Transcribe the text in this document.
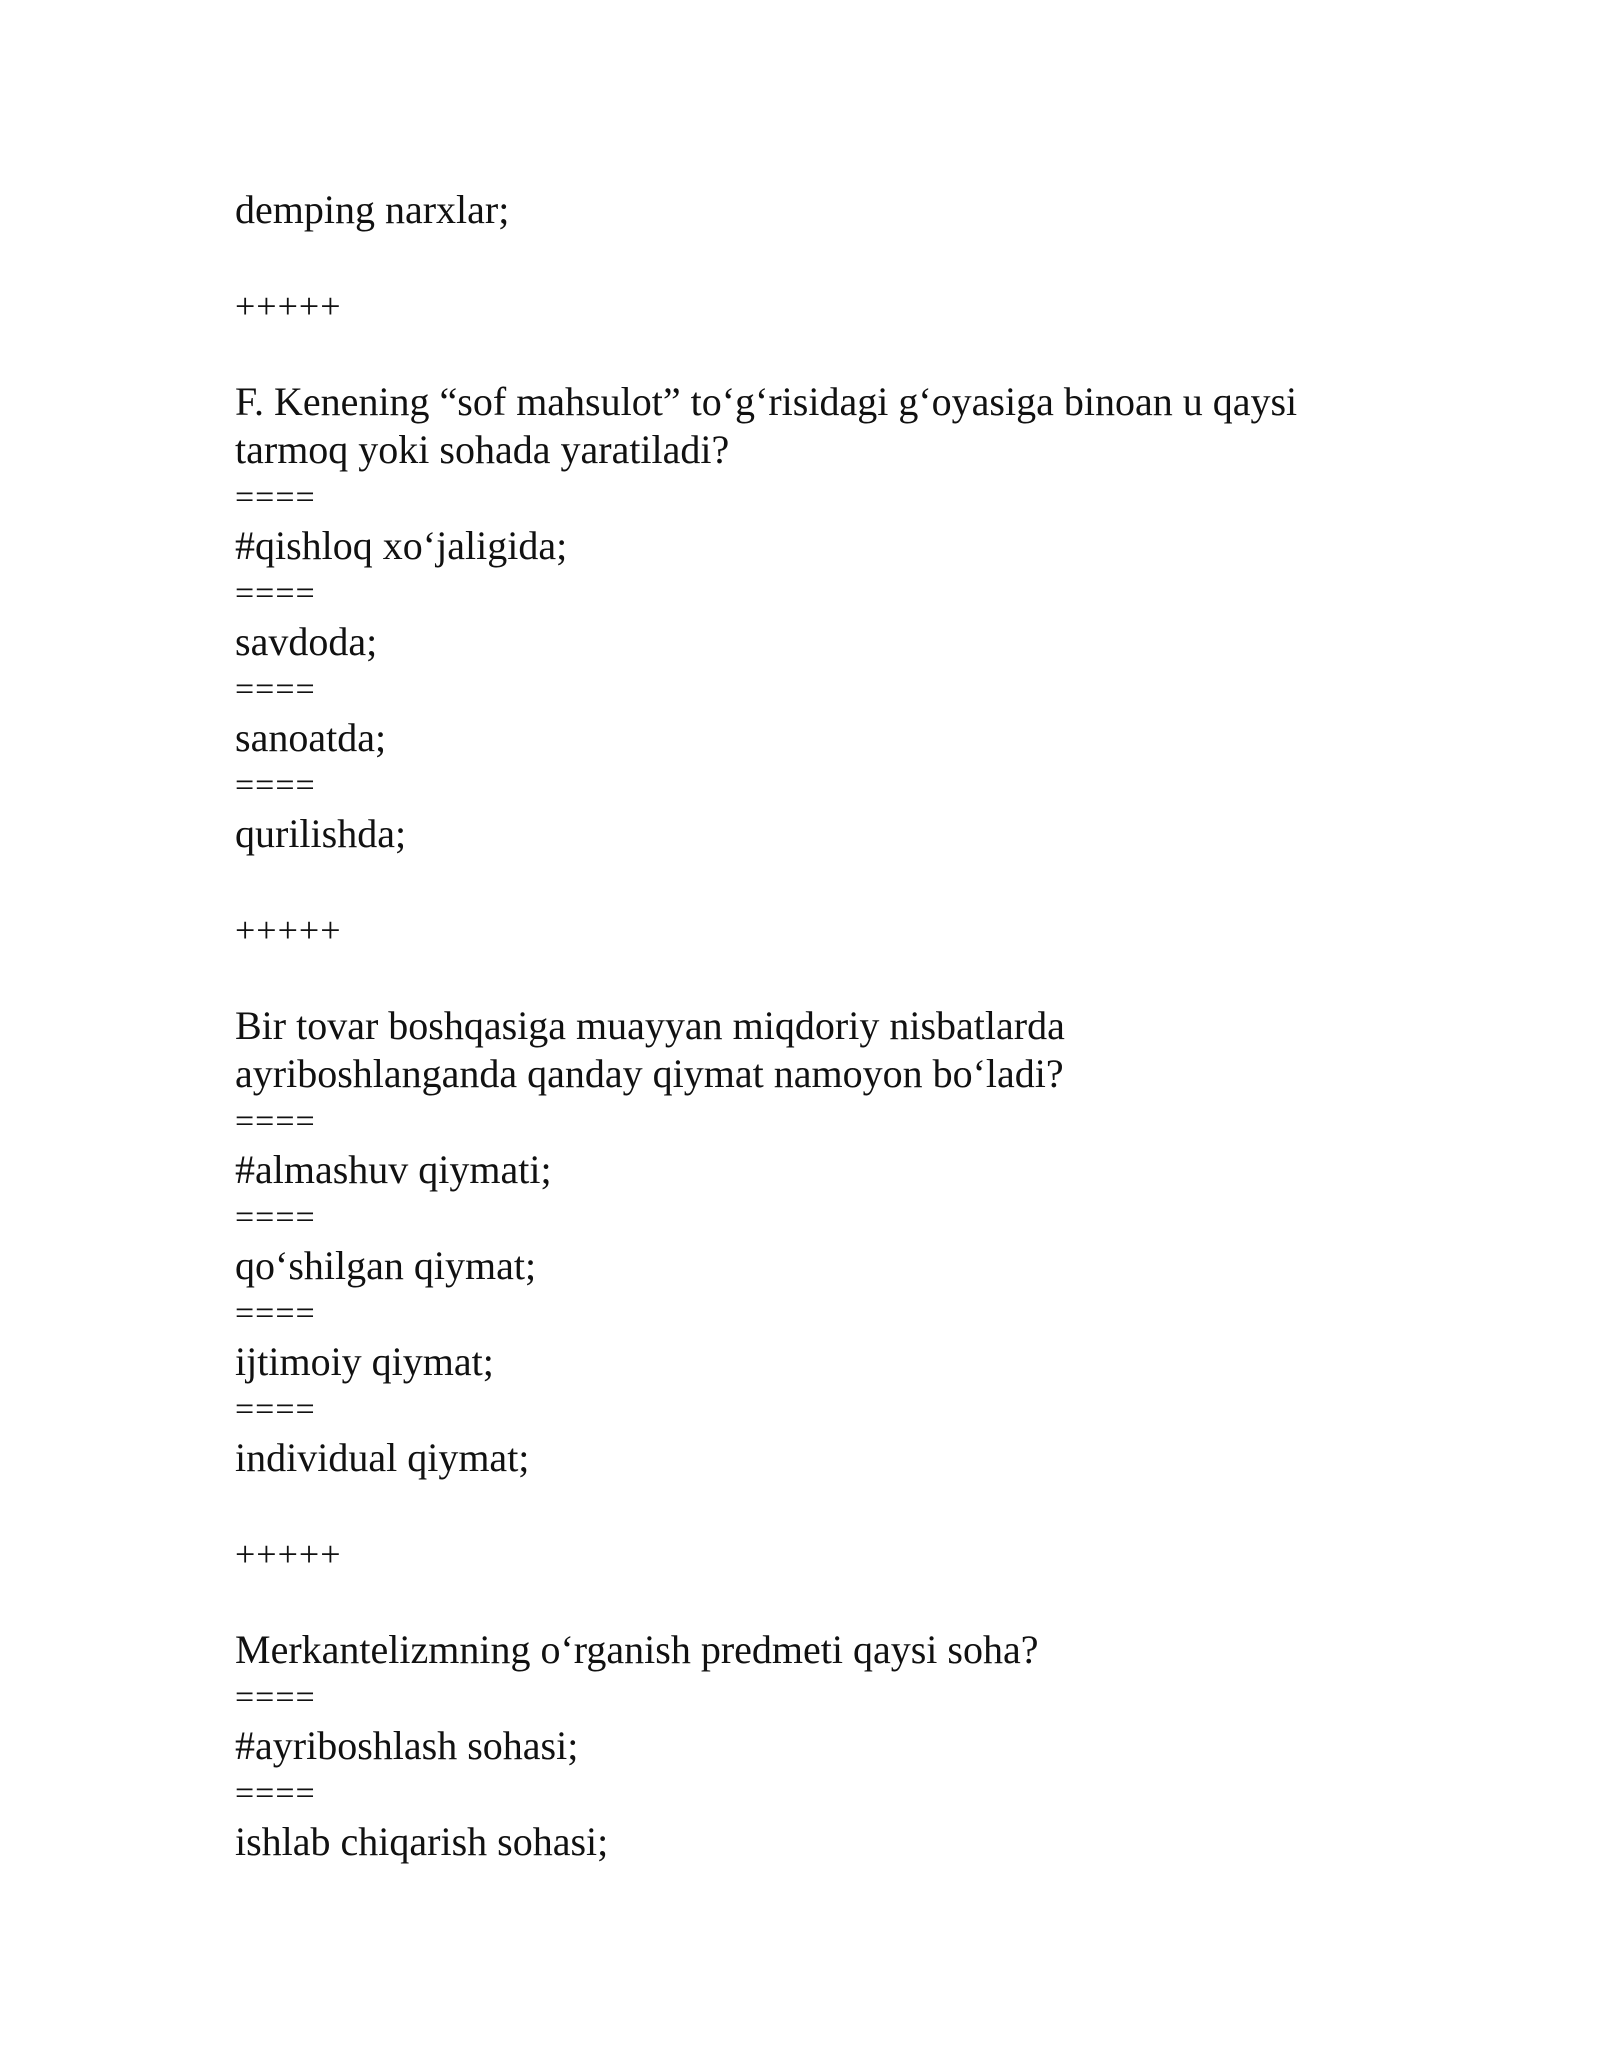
demping narxlar;
+++++
F. Kenening “sof mahsulot” to‘g‘risidagi g‘oyasiga binoan u qaysi
tarmoq yoki sohada yaratiladi?
====
#qishloq xo‘jaligida;
====
savdoda;
====
sanoatda;
====
qurilishda;
+++++
Bir tovar boshqasiga muayyan miqdoriy nisbatlarda
ayriboshlanganda qanday qiymat namoyon bo‘ladi?
====
#almashuv qiymati;
====
qo‘shilgan qiymat;
====
ijtimoiy qiymat;
====
individual qiymat;
+++++
Merkantelizmning o‘rganish predmeti qaysi soha?
====
#ayriboshlash sohasi;
====
ishlab chiqarish sohasi;
